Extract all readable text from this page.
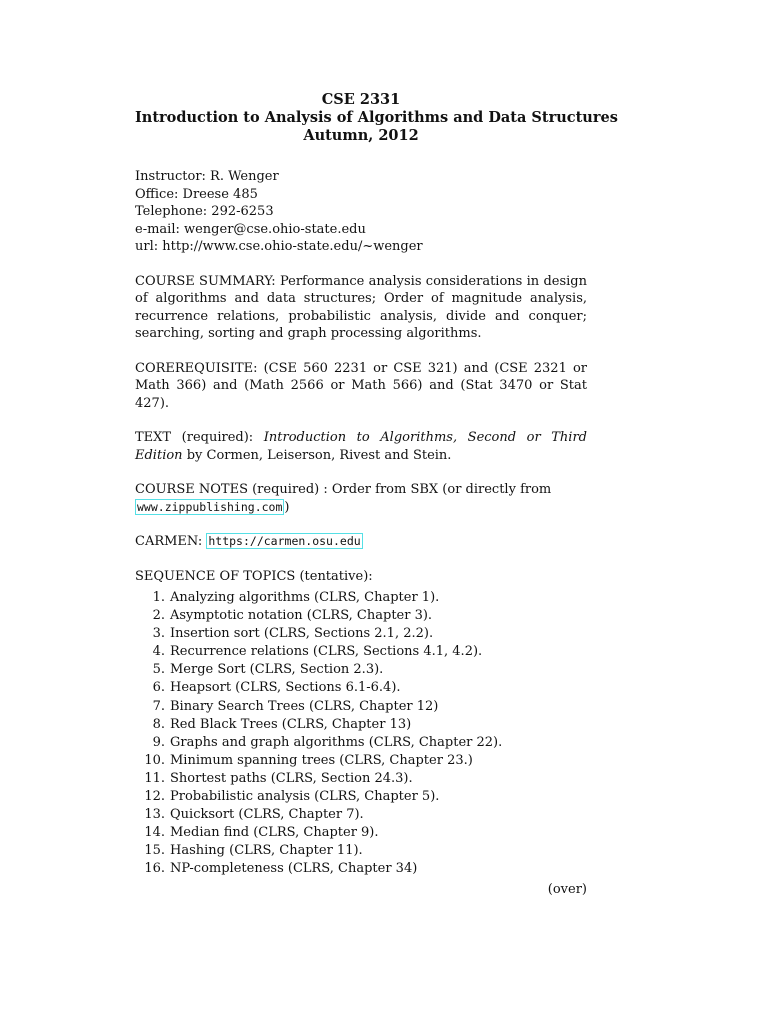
CSE 2331
Introduction to Analysis of Algorithms and Data Structures
Autumn, 2012
Instructor: R. Wenger
Office: Dreese 485
Telephone: 292-6253
e-mail: wenger@cse.ohio-state.edu
url: http://www.cse.ohio-state.edu/~wenger
COURSE SUMMARY: Performance analysis considerations in design of algorithms and data structures; Order of magnitude analysis, recurrence relations, probabilistic analysis, divide and conquer; searching, sorting and graph processing algorithms.
COREREQUISITE: (CSE 560 2231 or CSE 321) and (CSE 2321 or Math 366) and (Math 2566 or Math 566) and (Stat 3470 or Stat 427).
TEXT (required): Introduction to Algorithms, Second or Third Edition by Cormen, Leiserson, Rivest and Stein.
COURSE NOTES (required) : Order from SBX (or directly from
www.zippublishing.com )
CARMEN: https://carmen.osu.edu
SEQUENCE OF TOPICS (tentative):
1. Analyzing algorithms (CLRS, Chapter 1).
2. Asymptotic notation (CLRS, Chapter 3).
3. Insertion sort (CLRS, Sections 2.1, 2.2).
4. Recurrence relations (CLRS, Sections 4.1, 4.2).
5. Merge Sort (CLRS, Section 2.3).
6. Heapsort (CLRS, Sections 6.1-6.4).
7. Binary Search Trees (CLRS, Chapter 12)
8. Red Black Trees (CLRS, Chapter 13)
9. Graphs and graph algorithms (CLRS, Chapter 22).
10. Minimum spanning trees (CLRS, Chapter 23.)
11. Shortest paths (CLRS, Section 24.3).
12. Probabilistic analysis (CLRS, Chapter 5).
13. Quicksort (CLRS, Chapter 7).
14. Median find (CLRS, Chapter 9).
15. Hashing (CLRS, Chapter 11).
16. NP-completeness (CLRS, Chapter 34)
(over)
